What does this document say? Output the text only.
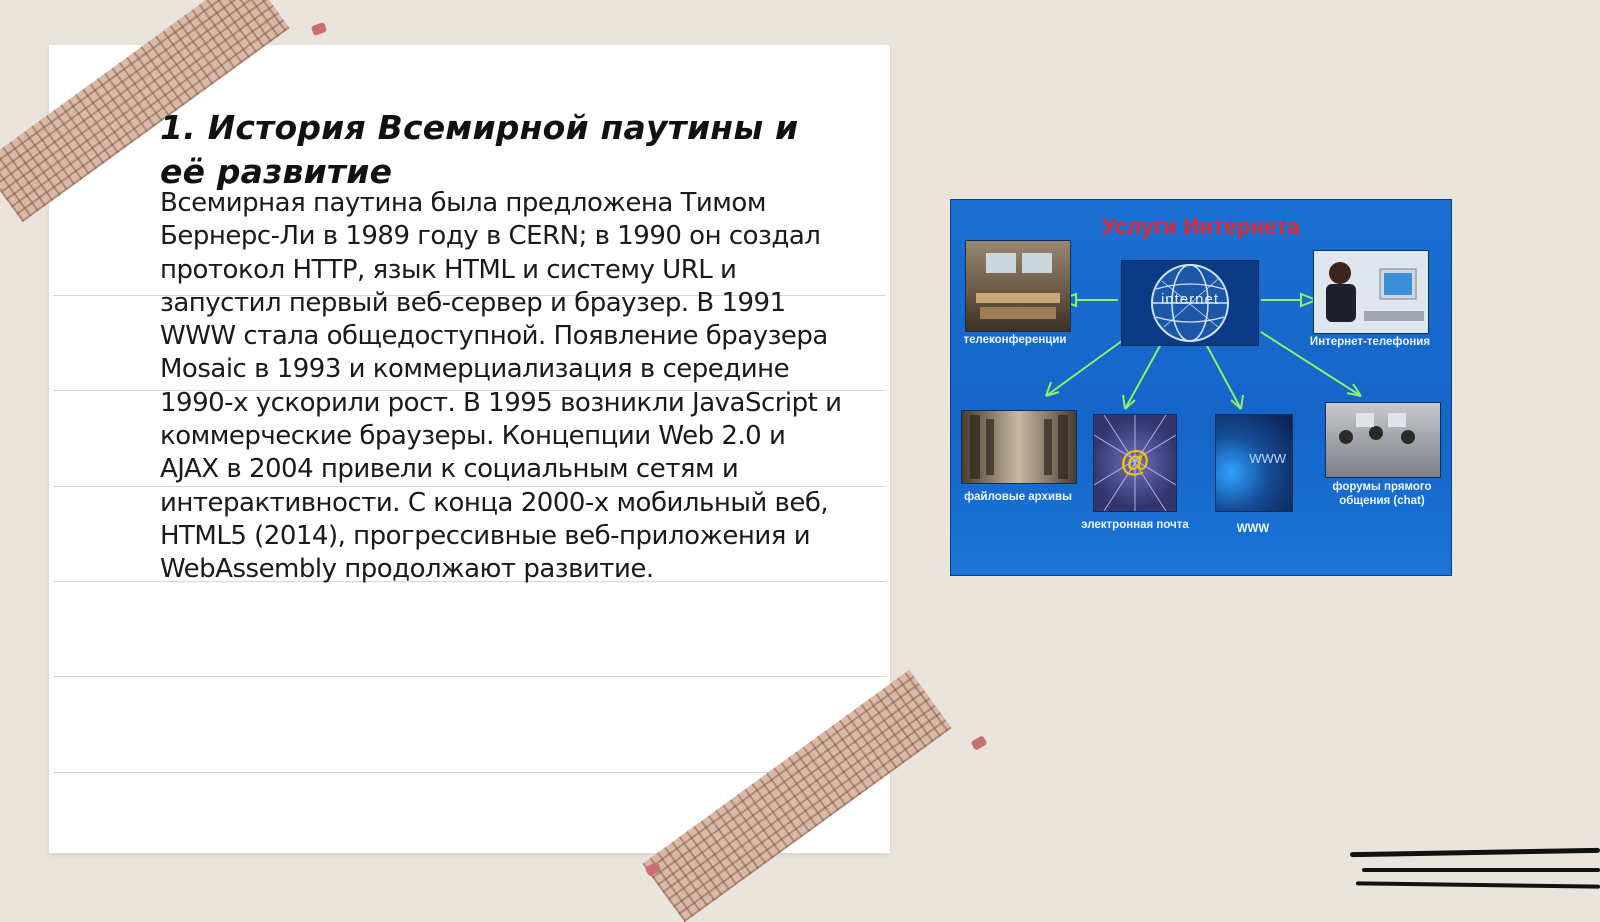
1. История Всемирной паутины и её развитие

Всемирная паутина была предложена Тимом Бернерс-Ли в 1989 году в CERN; в 1990 он создал протокол HTTP, язык HTML и систему URL и запустил первый веб-сервер и браузер. В 1991 WWW стала общедоступной. Появление браузера Mosaic в 1993 и коммерциализация в середине 1990-х ускорили рост. В 1995 возникли JavaScript и коммерческие браузеры. Концепции Web 2.0 и AJAX в 2004 привели к социальным сетям и интерактивности. С конца 2000-х мобильный веб, HTML5 (2014), прогрессивные веб-приложения и WebAssembly продолжают развитие.

Услуги Интернета
internet
телеконференции	Интернет-телефония
файловые архивы
@
электронная почта
WWW
WWW
форумы прямого общения (chat)
